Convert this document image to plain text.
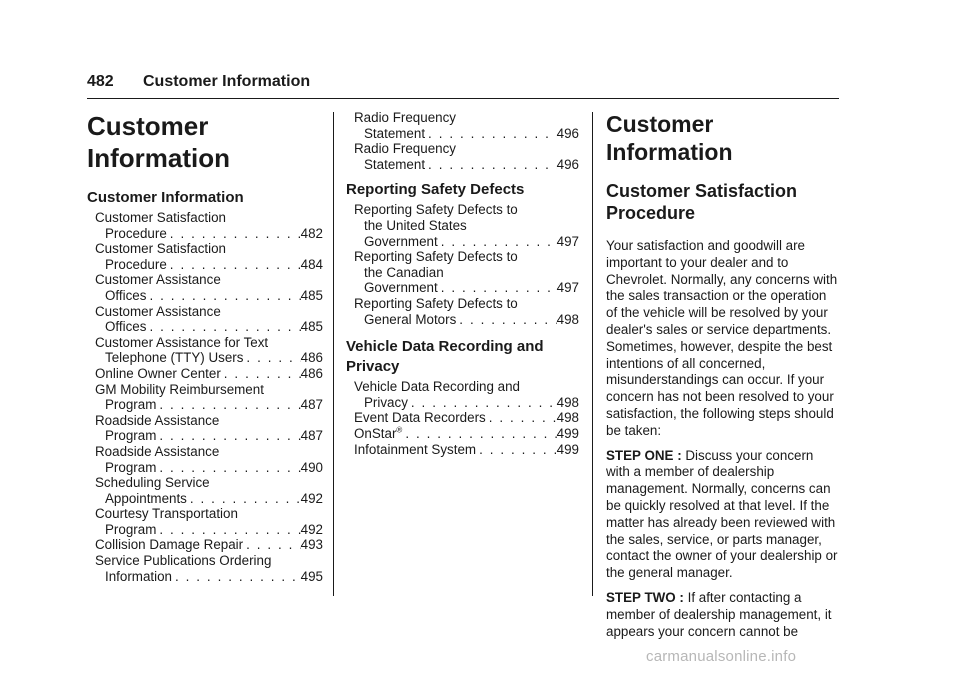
482 Customer Information
Customer
Information
Customer Information
Customer Satisfaction
Procedure . . .	482
Customer Satisfaction
Procedure . . .	484
Customer Assistance
Offices . . .	485
Customer Assistance
Offices . . .	485
Customer Assistance for Text
Telephone (TTY) Users . . .	486
Online Owner Center . . .	486
GM Mobility Reimbursement
Program . . .	487
Roadside Assistance
Program . . .	487
Roadside Assistance
Program . . .	490
Scheduling Service
Appointments . . .	492
Courtesy Transportation
Program . . .	492
Collision Damage Repair . . .	493
Service Publications Ordering
Information . . .	495
Radio Frequency
Statement . . .	496
Radio Frequency
Statement . . .	496
Reporting Safety Defects
Reporting Safety Defects to
the United States
Government . . .	497
Reporting Safety Defects to
the Canadian
Government . . .	497
Reporting Safety Defects to
General Motors . . .	498
Vehicle Data Recording and
Privacy
Vehicle Data Recording and
Privacy . . .	498
Event Data Recorders . . .	498
OnStar® . . .	499
Infotainment System . . .	499
Customer Information
Customer Satisfaction
Procedure

Your satisfaction and goodwill are important to your dealer and to Chevrolet. Normally, any concerns with the sales transaction or the operation of the vehicle will be resolved by your dealer's sales or service departments. Sometimes, however, despite the best intentions of all concerned, misunderstandings can occur. If your concern has not been resolved to your satisfaction, the following steps should be taken:

STEP ONE : Discuss your concern with a member of dealership management. Normally, concerns can be quickly resolved at that level. If the matter has already been reviewed with the sales, service, or parts manager, contact the owner of your dealership or the general manager.

STEP TWO : If after contacting a member of dealership management, it appears your concern cannot be

carmanualsonline.info
